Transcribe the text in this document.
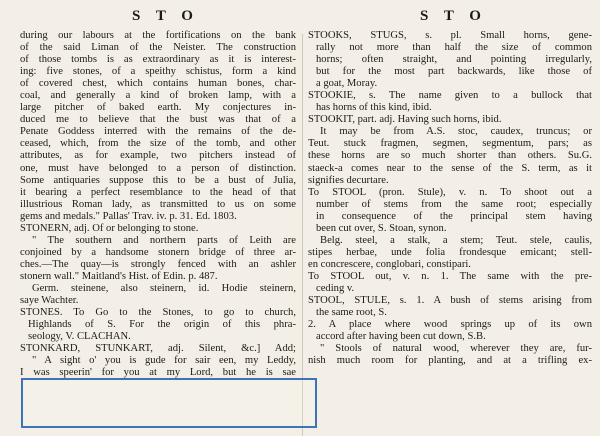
S T O	S T O
during our labours at the fortifications on the bank
of the said Liman of the Neister. The construction
of those tombs is as extraordinary as it is interest-
ing: five stones, of a speithy schistus, form a kind
of covered chest, which contains human bones, char-
coal, and generally a kind of broken lamp, with a
large pitcher of baked earth. My conjectures in-
duced me to believe that the bust was that of a
Penate Goddess interred with the remains of the de-
ceased, which, from the size of the tomb, and other
attributes, as for example, two pitchers instead of
one, must have belonged to a person of distinction.
Some antiquaries suppose this to be a bust of Julia,
it bearing a perfect resemblance to the head of that
illustrious Roman lady, as transmitted to us on some
gems and medals." Pallas' Trav. iv. p. 31. Ed. 1803.
STONERN, adj. Of or belonging to stone.
" The southern and northern parts of Leith are
conjoined by a handsome stonern bridge of three ar-
ches.—The quay—is strongly fenced with an ashler
stonern wall." Maitland's Hist. of Edin. p. 487.
Germ. steinene, also steinern, id. Hodie steinern,
saye Wachter.
STONES. To Go to the Stones, to go to church,
Highlands of S. For the origin of this phra-
seology, V. CLACHAN.
STONKARD, STUNKART, adj. Silent, &c.] Add;
" A sight o' you is gude for sair een, my Leddy,
I was speerin' for you at my Lord, but he is sae
STOOKS, STUGS, s. pl. Small horns, gene-
rally not more than half the size of common
horns; often straight, and pointing irregularly,
but for the most part backwards, like those of
a goat, Moray.
STOOKIE, s. The name given to a bullock that
has horns of this kind, ibid.
STOOKIT, part. adj. Having such horns, ibid.
It may be from A.S. stoc, caudex, truncus; or
Teut. stuck fragmen, segmen, segmentum, pars; as
these horns are so much shorter than others. Su.G.
staeck-a comes near to the sense of the S. term, as it
signifies decurtare.
To STOOL (pron. Stule), v. n. To shoot out a
number of stems from the same root; especially
in consequence of the principal stem having
been cut over, S. Stoan, synon.
Belg. steel, a stalk, a stem; Teut. stele, caulis,
stipes herbae, unde folia frondesque emicant; stell-
en concrescere, conglobari, constipari.
To STOOL out, v. n. 1. The same with the pre-
ceding v.
STOOL, STULE, s. 1. A bush of stems arising from
the same root, S.
2. A place where wood springs up of its own
accord after having been cut down, S.B.
" Stools of natural wood, wherever they are, fur-
nish much room for planting, and at a trifling ex-
